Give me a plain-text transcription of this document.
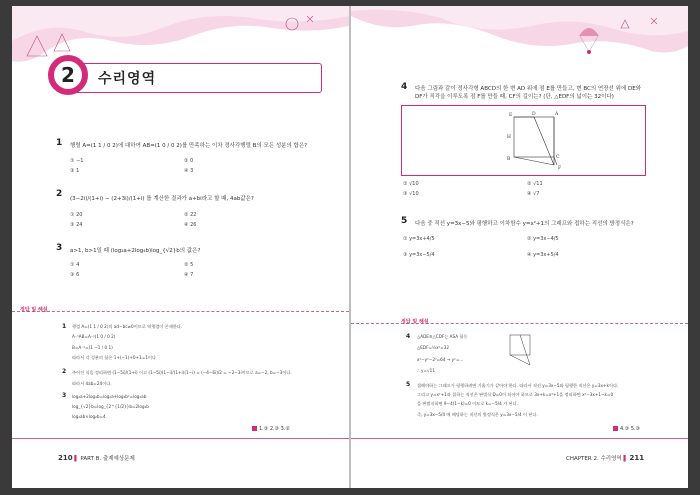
2	수리영역
1 행렬 A=(1 1 / 0 2)에 대하여 AB=(1 0 / 0 2)를 만족하는 이차 정사각행렬 B의 모든 성분의 합은?
① −1	② 0
③ 1	④ 3
2 (3−2i)/(1+i) − (2+3i)/(1+i) 를 계산한 결과가 a+bi라고 할 때, 4ab값은?
① 20	② 22
③ 24	④ 26
3 a>1, b>1일 때 (log₂a+2log₄b)log_{√2}b의 값은?
① 4	② 5
③ 6	④ 7
정답 및 해설
1 행렬 A=(1 1 / 0 2)의 ad−bc≠0이므로 역행렬이 존재한다.
A⁻¹AB=A⁻¹(1 0 / 0 2)
B=A⁻¹=(1 −1 / 0 1)
따라서 각 성분의 합은 1+(−1)+0+1=1이다
2 주어진 식을 정리하면 (1−5i)/(1+i) 이고 (1−5i)(1−i)/(1+i)(1−i) = (−4−6i)/2 = −2−3i이므로 a=−2, b=−3이다.
따라서 4ab=24이다.
3 log₂a+2log₄b=log₂a+log₂b²=log₂ab
log_{√2}b=log_{2^{1/2}}b=2log₂b
log₂ab×log₂b=4
1.③ 2.③ 3.②
210 ▌ PART B. 출제예상문제
4 다음 그림과 같이 정사각형 ABCD의 한 변 AD 위에 점 E를 만들고, 변 BC의 연장선 위에 DE와 DF가 직각을 이루도록 점 F를 만들 때, CF의 길이는? (단, △EDF의 넓이는 32이다)
E	D	A
B	C
F
H
① √10	② √11
③ √10	④ √7
5 다음 중 직선 y=3x−5와 평행하고 이차함수 y=x²+1의 그래프와 접하는 직선의 방정식은?
① y=3x+4/5	② y=3x−4/5
③ y=3x−5/4	④ y=3x+5/4
정답 및 해설
4 △ADE≡△CDF는 ASA 합동
△EDF=½x²=32
x²−y²−2²=64 → y²=...
∴ y=√11
5 접해야하는 그래프가 평행하려면 기울기가 같아야 한다. 따라서 직선 y=3x−5와 평행한 직선은 y=3x+k이다.
그리고 y=x²+1과 접하는 직선은 판별식 D=0이 되어야 하므로 3x+k=x²+1을 정리하면 x²−3x+1−k=0
을 판별식하면 9−4(1−k)=0 이므로 k=−5/4 가 된다.
즉, y=3x−5/4 에 해당하는 직선의 방정식은 y=3x−5/4 이 된다.
4.③ 5.③
CHAPTER 2. 수리영역 ▌ 211
